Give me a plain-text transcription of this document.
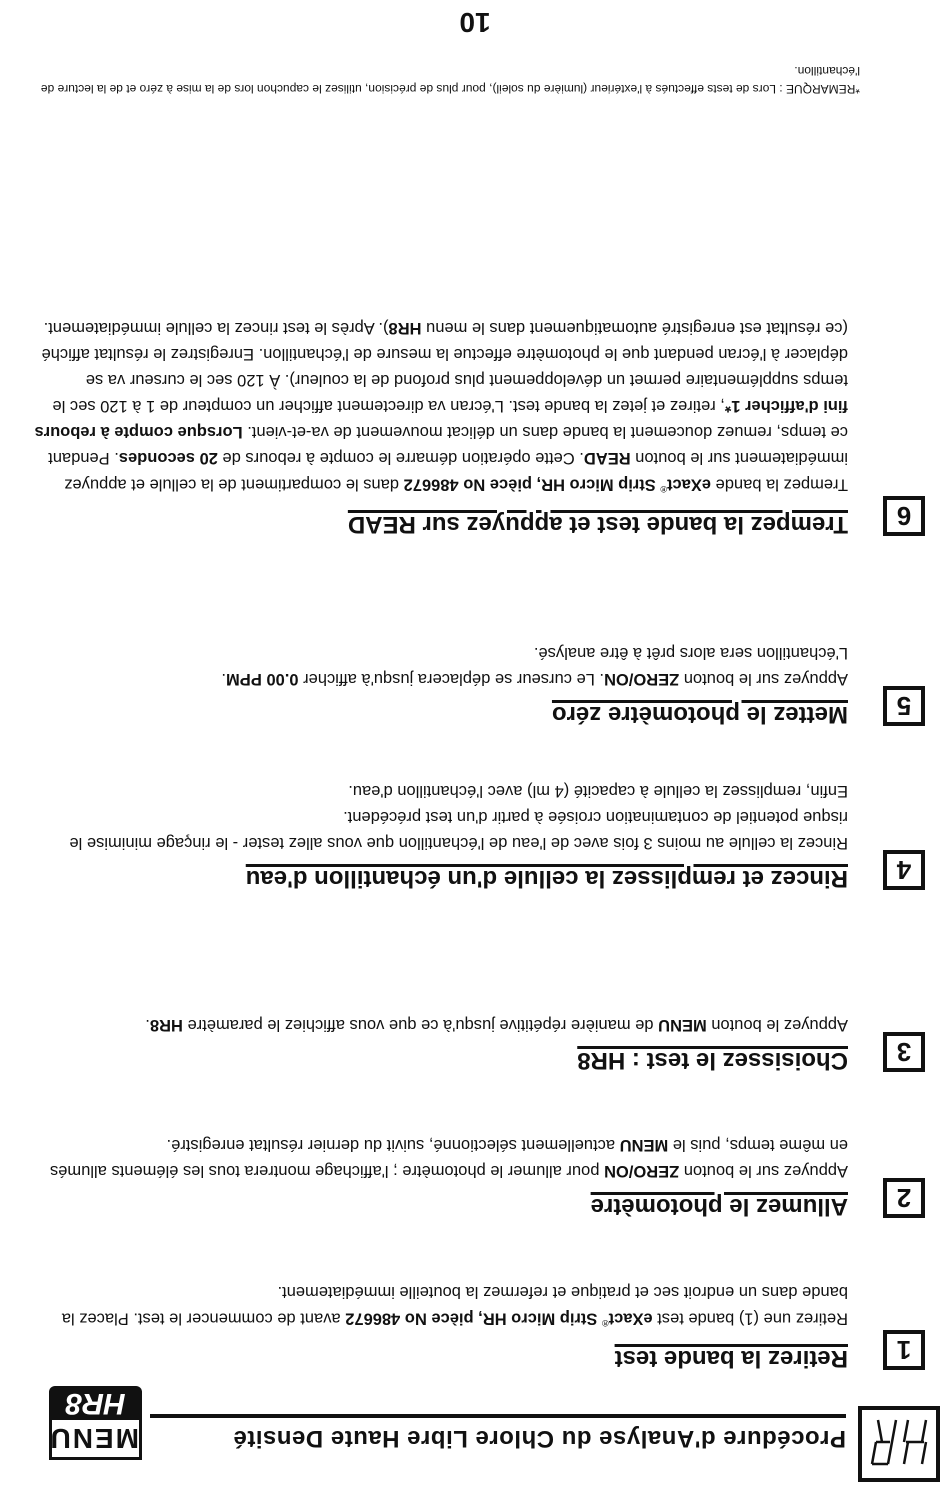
Procédure d'Analyse du Chlore Libre Haute Densité
MENU
HR8
1
Retirez la bande test

Retirez une (1) bande test eXact® Strip Micro HR, pièce No 486672 avant de commencer le test. Placez la bande dans un endroit sec et pratique et refermez la bouteille immédiatement.

2
Allumez le photomètre

Appuyez sur le bouton ZERO/ON pour allumer le photomètre ; l'affichage montrera tous les éléments allumés en même temps, puis le MENU actuellement sélectionné, suivit du dernier résultat enregistré.

3
Choisissez le test : HR8

Appuyez le bouton MENU de manière répétitive jusqu'à ce que vous affichiez le paramètre HR8.

4
Rincez et remplissez la cellule d'un échantillon d'eau

Rincez la cellule au moins 3 fois avec de l'eau de l'échantillon que vous allez tester - le rinçage minimise le risque potentiel de contamination croisée à partir d'un test précédent.

Enfin, remplissez la cellule à capacité (4 ml) avec l'échantillon d'eau.

5
Mettez le photomètre zéro

Appuyez sur le bouton ZERO/ON. Le curseur se déplacera jusqu'à afficher 0.00 PPM.

L'échantillon sera alors prêt à être analysé.

6
Trempez la bande test et appuyez sur READ

Trempez la bande eXact® Strip Micro HR, pièce No 486672 dans le compartiment de la cellule et appuyez immédiatement sur le bouton READ. Cette opération démarre le compte à rebours de 20 secondes. Pendant ce temps, remuez doucement la bande dans un délicat mouvement de va-et-vient. Lorsque compte à rebours fini d'afficher 1*, retirez et jetez la bande test. L'écran va directement afficher un compteur de 1 à 120 sec le temps supplémentaire permet un développement plus profond de la couleur). À 120 sec le curseur va se déplacer à l'écran pendant que le photomètre effectue la mesure de l'échantillon. Enregistrez le résultat affiché (ce résultat est enregistré automatiquement dans le menu HR8). Après le test rincez la cellule immédiatement.

*REMARQUE : Lors de tests effectués à l'extérieur (lumière du soleil), pour plus de précision, utilisez le capuchon lors de la mise à zéro et de la lecture de l'échantillon.
10
